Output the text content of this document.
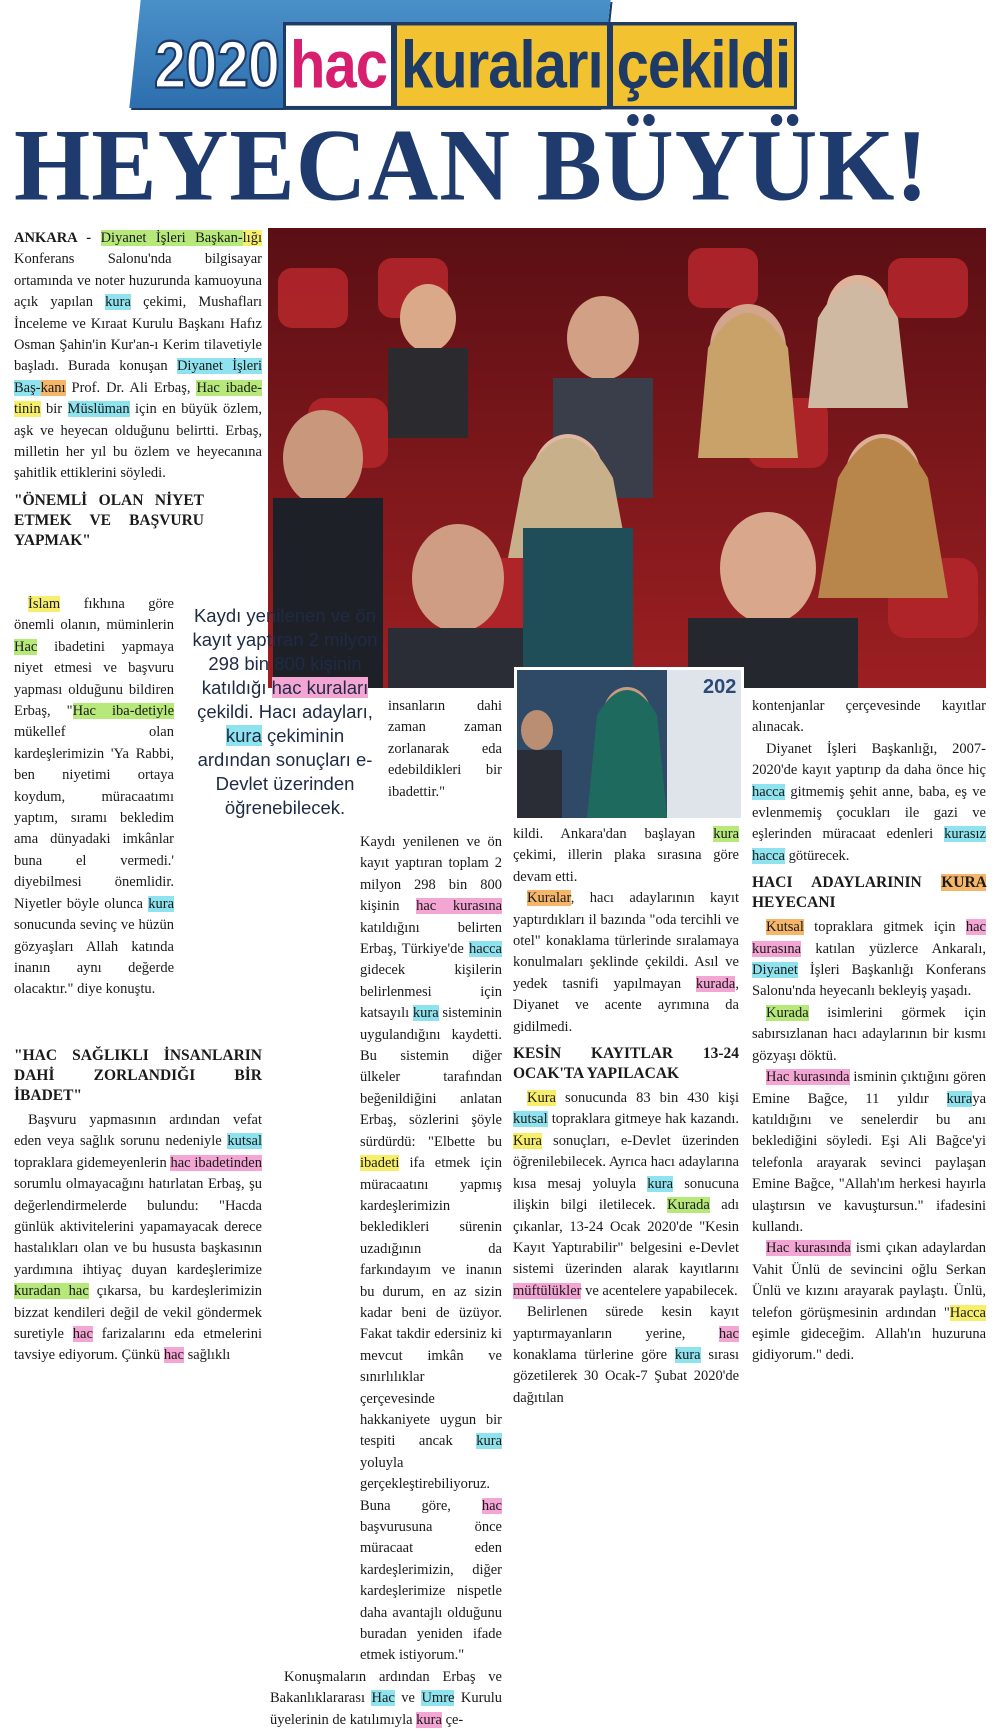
2020 hac kuraları çekildi
HEYECAN BÜYÜK!

ANKARA - Diyanet İşleri Başkan-lığı Konferans Salonu'nda bilgisayar ortamında ve noter huzurunda kamuoyuna açık yapılan kura çekimi, Mushafları İnceleme ve Kıraat Kurulu Başkanı Hafız Osman Şahin'in Kur'an-ı Kerim tilavetiyle başladı. Burada konuşan Diyanet İşleri Baş-kanı Prof. Dr. Ali Erbaş, Hac ibade-tinin bir Müslüman için en büyük özlem, aşk ve heyecan olduğunu belirtti. Erbaş, milletin her yıl bu özlem ve heyecanına şahitlik ettiklerini söyledi.

"ÖNEMLİ OLAN NİYET ETMEK VE BAŞVURU YAPMAK"

İslam fıkhına göre önemli olanın, müminlerin Hac ibadetini yapmaya niyet etmesi ve başvuru yapması olduğunu bildiren Erbaş, "Hac iba-detiyle mükellef olan kardeşlerimizin 'Ya Rabbi, ben niyetimi ortaya koydum, müracaatımı yaptım, sıramı bekledim ama dünyadaki imkânlar buna el vermedi.' diyebilmesi önemlidir. Niyetler böyle olunca kura sonucunda sevinç ve hüzün gözyaşları Allah katında inanın aynı değerde olacaktır." diye konuştu.

"HAC SAĞLIKLI İNSANLARIN DAHİ ZORLANDIĞI BİR İBADET"

Başvuru yapmasının ardından vefat eden veya sağlık sorunu nedeniyle kutsal topraklara gidemeyenlerin hac ibadetinden sorumlu olmayacağını hatırlatan Erbaş, şu değerlendirmelerde bulundu: "Hacda günlük aktivitelerini yapamayacak derece hastalıkları olan ve bu hususta başkasının yardımına ihtiyaç duyan kardeşlerimize kuradan hac çıkarsa, bu kardeşlerimizin bizzat kendileri değil de vekil göndermek suretiyle hac farizalarını eda etmelerini tavsiye ediyorum. Çünkü hac sağlıklı

202
Kaydı yenilenen ve ön kayıt yaptıran 2 milyon 298 bin 800 kişinin katıldığı hac kuraları çekildi. Hacı adayları, kura çekiminin ardından sonuçları e-Devlet üzerinden öğrenebilecek.

insanların dahi zaman zaman zorlanarak eda edebildikleri bir ibadettir."

Kaydı yenilenen ve ön kayıt yaptıran toplam 2 milyon 298 bin 800 kişinin hac kurasına katıldığını belirten Erbaş, Türkiye'de hacca gidecek kişilerin belirlenmesi için katsayılı kura sisteminin uygulandığını kaydetti. Bu sistemin diğer ülkeler tarafından beğenildiğini anlatan Erbaş, sözlerini şöyle sürdürdü: "Elbette bu ibadeti ifa etmek için müracaatını yapmış kardeşlerimizin bekledikleri sürenin uzadığının da farkındayım ve inanın bu durum, en az sizin kadar beni de üzüyor. Fakat takdir edersiniz ki mevcut imkân ve sınırlılıklar çerçevesinde hakkaniyete uygun bir tespiti ancak kura yoluyla gerçekleştirebiliyoruz. Buna göre, hac başvurusuna önce müracaat eden kardeşlerimizin, diğer kardeşlerimize nispetle daha avantajlı olduğunu buradan yeniden ifade etmek istiyorum."

Konuşmaların ardından Erbaş ve Bakanlıklararası Hac ve Umre Kurulu üyelerinin de katılımıyla kura çe-

kildi. Ankara'dan başlayan kura çekimi, illerin plaka sırasına göre devam etti.

Kuralar, hacı adaylarının kayıt yaptırdıkları il bazında "oda tercihli ve otel" konaklama türlerinde sıralamaya konulmaları şeklinde çekildi. Asıl ve yedek tasnifi yapılmayan kurada, Diyanet ve acente ayrımına da gidilmedi.

KESİN KAYITLAR 13-24 OCAK'TA YAPILACAK

Kura sonucunda 83 bin 430 kişi kutsal topraklara gitmeye hak kazandı. Kura sonuçları, e-Devlet üzerinden öğrenilebilecek. Ayrıca hacı adaylarına kısa mesaj yoluyla kura sonucuna ilişkin bilgi iletilecek. Kurada adı çıkanlar, 13-24 Ocak 2020'de "Kesin Kayıt Yaptırabilir" belgesini e-Devlet sistemi üzerinden alarak kayıtlarını müftülükler ve acentelere yapabilecek.

Belirlenen sürede kesin kayıt yaptırmayanların yerine, hac konaklama türlerine göre kura sırası gözetilerek 30 Ocak-7 Şubat 2020'de dağıtılan

kontenjanlar çerçevesinde kayıtlar alınacak.

Diyanet İşleri Başkanlığı, 2007-2020'de kayıt yaptırıp da daha önce hiç hacca gitmemiş şehit anne, baba, eş ve evlenmemiş çocukları ile gazi ve eşlerinden müracaat edenleri kurasız hacca götürecek.

HACI ADAYLARININ KURA HEYECANI

Kutsal topraklara gitmek için hac kurasına katılan yüzlerce Ankaralı, Diyanet İşleri Başkanlığı Konferans Salonu'nda heyecanlı bekleyiş yaşadı.

Kurada isimlerini görmek için sabırsızlanan hacı adaylarının bir kısmı gözyaşı döktü.

Hac kurasında isminin çıktığını gören Emine Bağce, 11 yıldır kuraya katıldığını ve senelerdir bu anı beklediğini söyledi. Eşi Ali Bağce'yi telefonla arayarak sevinci paylaşan Emine Bağce, "Allah'ım herkesi hayırla ulaştırsın ve kavuştursun." ifadesini kullandı.

Hac kurasında ismi çıkan adaylardan Vahit Ünlü de sevincini oğlu Serkan Ünlü ve kızını arayarak paylaştı. Ünlü, telefon görüşmesinin ardından "Hacca eşimle gideceğim. Allah'ın huzuruna gidiyorum." dedi.
